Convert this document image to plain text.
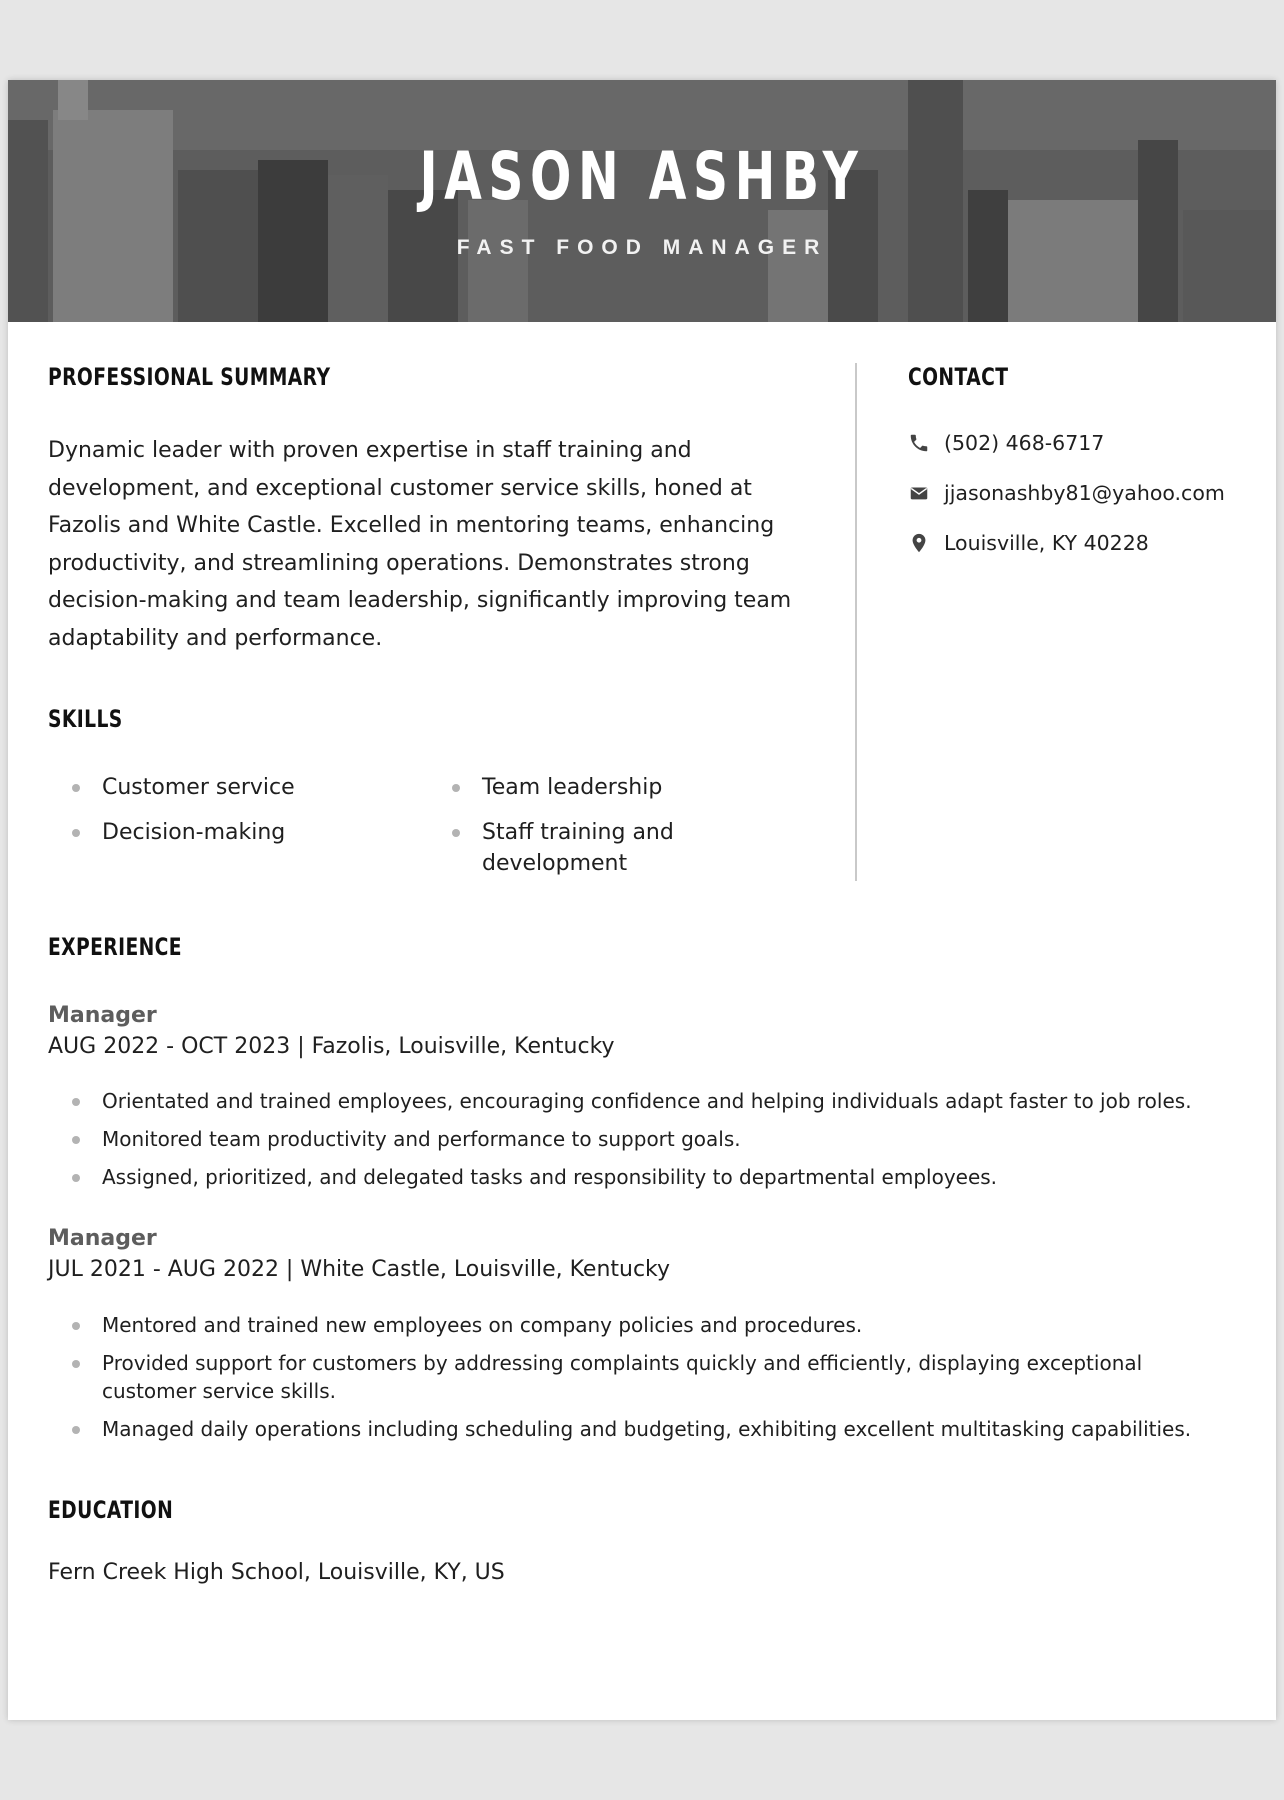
JASON ASHBY
FAST FOOD MANAGER
PROFESSIONAL SUMMARY
Dynamic leader with proven expertise in staff training and development, and exceptional customer service skills, honed at Fazolis and White Castle. Excelled in mentoring teams, enhancing productivity, and streamlining operations. Demonstrates strong decision-making and team leadership, significantly improving team adaptability and performance.
CONTACT
(502) 468-6717
jjasonashby81@yahoo.com
Louisville, KY 40228
SKILLS
Customer service	Team leadership
Decision-making	Staff training and development
EXPERIENCE
Manager
AUG 2022 - OCT 2023 | Fazolis, Louisville, Kentucky
Orientated and trained employees, encouraging confidence and helping individuals adapt faster to job roles.
Monitored team productivity and performance to support goals.
Assigned, prioritized, and delegated tasks and responsibility to departmental employees.
Manager
JUL 2021 - AUG 2022 | White Castle, Louisville, Kentucky
Mentored and trained new employees on company policies and procedures.
Provided support for customers by addressing complaints quickly and efficiently, displaying exceptional customer service skills.
Managed daily operations including scheduling and budgeting, exhibiting excellent multitasking capabilities.
EDUCATION
Fern Creek High School, Louisville, KY, US
